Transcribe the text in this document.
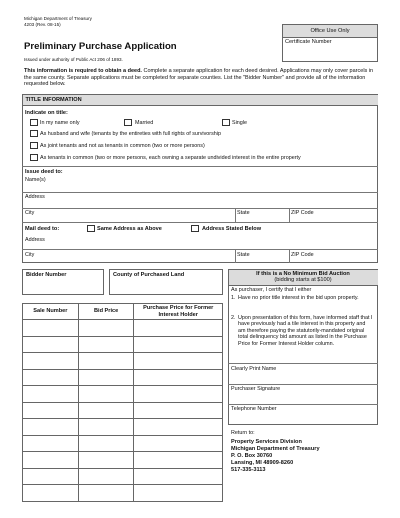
Michigan Department of Treasury
4203 (Rev. 08-15)
Preliminary Purchase Application
Issued under authority of Public Act 206 of 1893.
Office Use Only
Certificate Number
This information is required to obtain a deed. Complete a separate application for each deed desired. Applications may only cover parcels in the same county. Separate applications must be completed for separate counties. List the "Bidder Number" and provide all of the information requested below.
TITLE INFORMATION
Indicate on title:
In my name only	Married	Single
As husband and wife (tenants by the entireties with full rights of survivorship
As joint tenants and not as tenants in common (two or more persons)
As tenants in common (two or more persons, each owning a separate undivided interest in the entire property
Issue deed to:
Name(s)
Address
City	State	ZIP Code
Mail deed to:	Same Address as Above	Address Stated Below
Address
City	State	ZIP Code
Bidder Number	County of Purchased Land
Sale Number	Bid Price	Purchase Price for Former Interest Holder

If this is a No Minimum Bid Auction
(bidding starts at $100)
As purchaser, I certify that I either
1. Have no prior title interest in the bid upon property.
2. Upon presentation of this form, have informed staff that I have previously had a tile interest in this property and am therefore paying the statutorily-mandated original total delinquency bid amount as listed in the Purchase Price for Former Interest Holder column.
Clearly Print Name
Purchaser Signature
Telephone Number
Return to:
Property Services Division
Michigan Department of Treasury
P. O. Box 30760
Lansing, MI 48909-8260
517-335-3113
